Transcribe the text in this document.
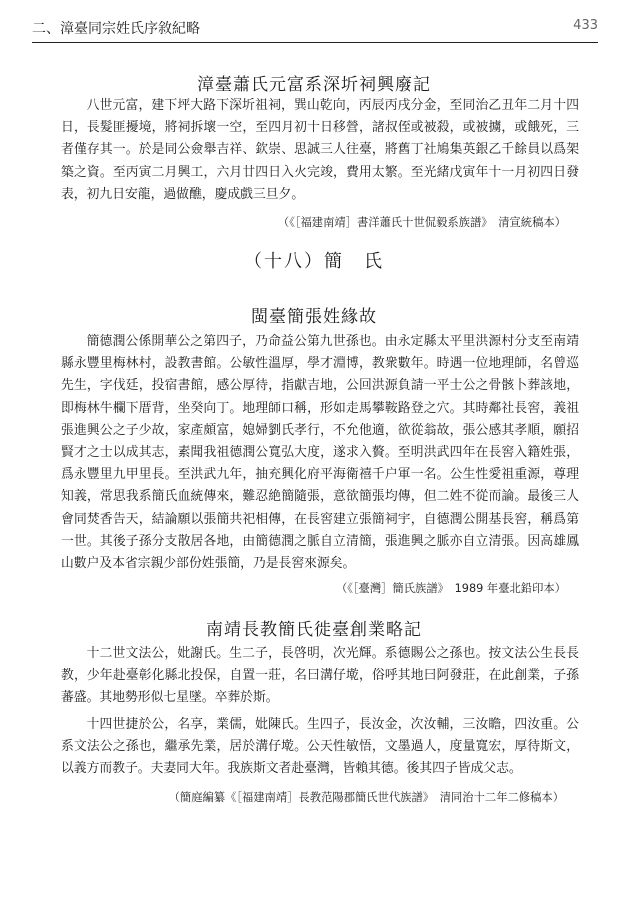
二、漳臺同宗姓氏序敘紀略	433
漳臺蕭氏元富系深圻祠興廢記

八世元富，建下坪大路下深圻祖祠，巽山乾向，丙辰丙戌分金，至同治乙丑年二月十四日，長髮匪擾境，將祠拆壞一空，至四月初十日移營，諸叔侄或被殺，或被擄，或餓死，三者僅存其一。於是同公僉舉吉祥、欽崇、思誠三人往臺，將舊丁社鳩集英銀乙千餘員以爲架築之資。至丙寅二月興工，六月廿四日入火完竣，費用太繁。至光緒戊寅年十一月初四日發表，初九日安龍，過做醮，慶成戲三旦夕。

（《［福建南靖］書洋蕭氏十世侃毅系族譜》　清宣統稿本）
（十八）簡　氏
閩臺簡張姓緣故

簡德潤公係開華公之第四子，乃命益公第九世孫也。由永定縣太平里洪源村分支至南靖縣永豐里梅林村，設教書館。公敏性溫厚，學才淵博，教衆數年。時遇一位地理師，名曾巡先生，字伐廷，投宿書館，感公厚待，指獻吉地，公回洪源負請一平士公之骨骸卜葬該地，即梅林牛欄下厝背，坐癸向丁。地理師口稱，形如走馬攀鞍路登之穴。其時鄰社長窖，義祖張進興公之子少故，家產頗富，媳婦劉氏孝行，不允他適，欲從翁故，張公感其孝順，願招賢才之士以成其志，素聞我祖德潤公寬弘大度，遂求入贅。至明洪武四年在長窖入籍姓張，爲永豐里九甲里長。至洪武九年，抽充興化府平海衛禧千户軍一名。公生性愛祖重源，尊理知義，常思我系簡氏血統傳來，難忍絶簡隨張，意欲簡張均傳，但二姓不從而論。最後三人會同焚香告天，結論願以張簡共祀相傳，在長窖建立張簡祠宇，自德潤公開基長窖，稱爲第一世。其後子孫分支散居各地，由簡德潤之脈自立清簡，張進興之脈亦自立清張。因高雄鳳山數户及本省宗親少部份姓張簡，乃是長窖來源矣。

（《［臺灣］簡氏族譜》　1989 年臺北鉛印本）
南靖長教簡氏徙臺創業略記

十二世文法公，妣謝氏。生二子，長啓明，次光輝。系德賜公之孫也。按文法公生長長教，少年赴臺彰化縣北投保，自置一莊，名曰溝仔墘，俗呼其地曰阿發莊，在此創業，子孫蕃盛。其地勢形似七星墜。卒葬於斯。

十四世捷於公，名享，業儒，妣陳氏。生四子，長汝金，次汝輔，三汝瞻，四汝重。公系文法公之孫也，繼承先業，居於溝仔墘。公天性敏悟，文墨過人，度量寬宏，厚待斯文，以義方而教子。夫妻同大年。我族斯文者赴臺灣，皆賴其德。後其四子皆成父志。

（簡庭編纂《［福建南靖］長教范陽郡簡氏世代族譜》　清同治十二年二修稿本）
